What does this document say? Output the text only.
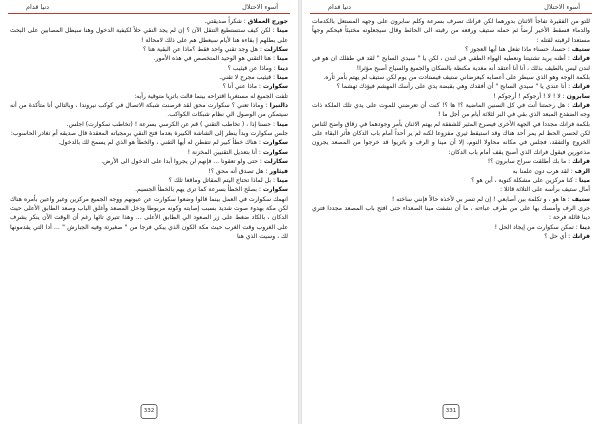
أسوء الاحتلال
دنيا قدام

جورج العملاق : شكراً صديقتي.

مينا : لكن كيف ستستطيع التنقل الآن ؟ إن لم يجد النقي حلاً لكيفية الدخول وهنا سيظل المصابين على البحث على بطلهم إ بقاءه هنا لأيام سيعطل هم على ذلك لامحالة !

سكارلت : هل وجد تقني واحد فقط ؟ماذا عن البقية هنا ؟

مينا : هنا التقني هو الوحيد المتخصص في هذه الأمور.

دينا : وماذا عن قيثيب ؟

مينا : قيثيب مجرح لا تقني.

سكوارت : ماذا عني أنا ؟

تلفت الجميع له مستغربا اقتراحه بينما قالت باتريا متوقية رأيه:

دالنبرا : وماذا تعني ؟ سكوارت محق لقد قرصنت شبكة الاتصال في كوكب نيروندا ، وبالتالي أنا متأكدة من أنه سيتمكن من الوصول الي نظام شبكات الكواكب.

مينا : حسنا إذا ، ( تخاطب التقني ) قم عن الكرسي بسرعة ! (تخاطب سكوارت) اجلس.

جلس سكوارت وبدأ ينظر إلى الشاشة الكبيرة بعدما فتح النقي برمجياته المعقدة قال صديقه أم تغادر الحاسوب:

سكوارت : هناك خطأ كبير لم تتفطن له أيها التقني ، والخطأ هو الذي لم يسمح لك بالدخول.

سكوارت : أنا بتعديل التقنيين المخزنة !

سكارلت : حتى ولو تعقونا ... فإنهم لن يجروا أبدا على الدخول الى الأرض.

فيثاور : هل تصدق أنه محق ؟!

مينا : بل لماذا تحتاج اليتم المقاتل وماقعا تلك ؟

سكوارت : بصلح الخطأ بسرعة كما ترى يهم بالخطأ الجسيم.

انهمك سكوارت في العمل بينما قالوا وضعوا سكوارت عن عيونهم ووجه الجميع مركزين وغير واعين بأمره هناك لكن مكة بهدوء صوت شديد بسبب إصابته وكونه مربوطا ودخل المصعد وأغلق الباب وصعد الطابق الأعلى حيث الدكان ، بالكاد ضغط على زر الصعود الي الطابق الأعلى ... وهذا تتيري تائها رغم أن الوقت الأن ينكر يشرف على الغروب وقت الغرب حيث مكة الكون الذي يبكي فرجا من " صغيرتة وفيه الجبارش " ... أدا التي يقدمونها لك ، وسيت الذي هنا

332
أسوء الاحتلال
دنيا قدام

للتو من الفقيرة تفاجأ الاثنان بدورهما لكن فرانك تصرف بسرعة وكلم سابرون على وجهه المستعل بالكدمات والدماء فسقط الأخير أرضاً ثم حمله ستيف ورفعه من رقبته الى الحائط وقال سيجعلونه مختبئاً فيحكم وجهاً مستعدا لرقبته لقتله :

ستيف : حسنا، حسناء ماذا تفعل هنا أيها العجوز ؟

فرانك : أظنه يريد تشتيتنا ونعطيه الهواء الطفي في لندن ، لكن يا " سيدي السابح " لقد في طفلك ان هو في لندن ليس بالطيف بذلك ، أنا أنا أعتقد أنه مغدية مكتظة بالسكان والجميع والسياح أصبح مؤثرا!

بلكمة الوجه وهو الذي سيطر على أعصابه كيعرضاني ستيف فيستادت من يوم لكن ستيف لم يهتم بأمر ثأره.

فرانك : أنا عندي يا " سيدي السابح " أن أفقدك وهي بقبضة يدي على رأسك المهشم فيؤذك تهشما ؟

سابرون : لا ! لا ! أرجوكم ! أرجوكم !

فرانك : هل رحمتنا أنت في كل السنين الماضية ؟! ها ؟! كنت أن تعرضني للموت على يدي تلك الملكة ذات وجه الضفدع المبعد الذي بقي في البر لثلاثة أيام من أجل ما !

بلكمة فرانك مجددا في الجهة الأخرى فيصرع المثير للشفقة لم يهتم الاثنان بأمر وجودهما في زقاق واضح للناس لكن لحسن الحظ لم يمر أحد هناك وقد استيقظ ثيري مفزوعا لكنه لم ير أحداً أمام باب الدكان فأثر البقاء على الخروج والتفقد، فجلس في مكانه محاولا النوم، إلا أن مينا و الرف و باتريوا قد خرجوا من المصعد يجرون مذعورين فيقول فرانك الذي أصبح يقف أمام باب الدكان:

فرانك : ما بك أطلقت سراح سابرون ؟!

الرف : لقد هرب دون علمنا به

مينا : كنا مركزين على مشكلة كنوية ، أين هو ؟

أمال ستيف برأسه على التلاثة قائلا :

ستيف : ها هو ، و تكلمة بين أصابعي ! إن لم تسر بي لأخذه حالاً فإنني ساخته !

جرى الرف وأمسك بها على من طرف عباءته ، ما أن نشفت مينا الصعداء حتى افتح باب المصعد مجددا فتري دينا قائلة فرحة :

دينا : تمكن سكوارت من إيجاد الحل !

فرانك : أي حل ؟

331
